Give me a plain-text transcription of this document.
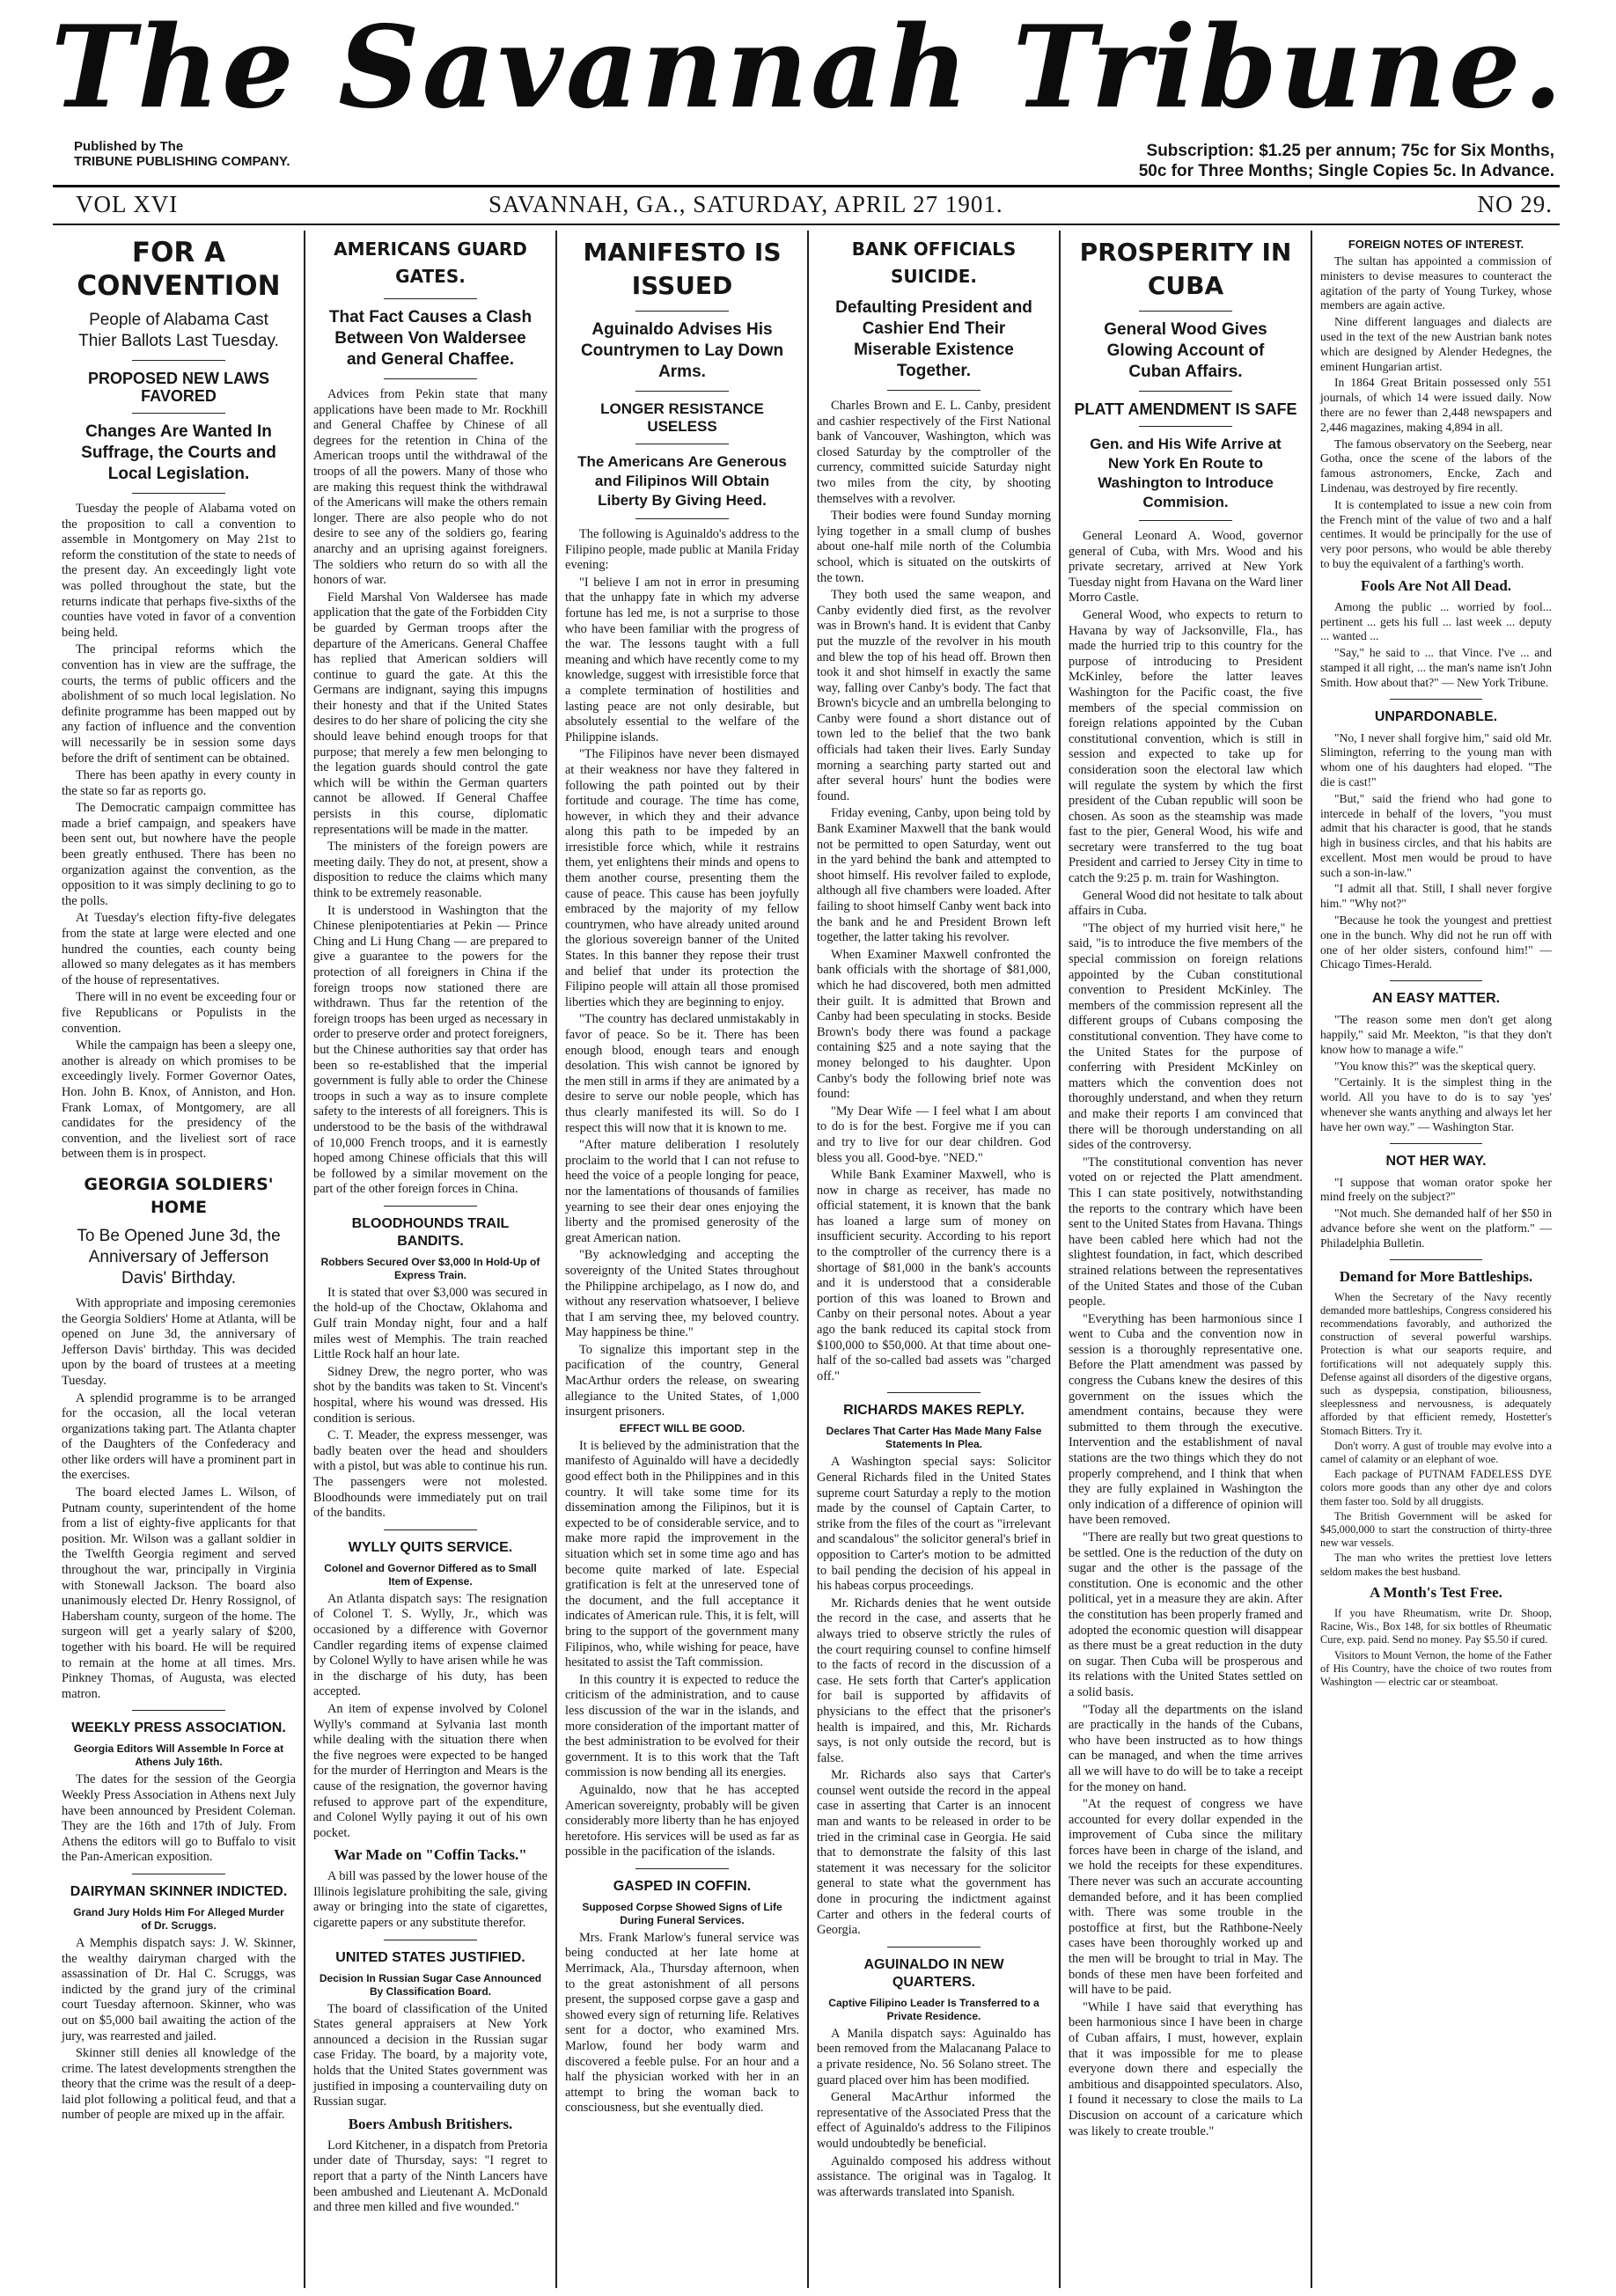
The Savannah Tribune.
Published by The
TRIBUNE PUBLISHING COMPANY.
Subscription: $1.25 per annum; 75c for Six Months,
50c for Three Months; Single Copies 5c. In Advance.
VOL XVI	SAVANNAH, GA., SATURDAY, APRIL 27 1901.	NO 29.
FOR A CONVENTION
People of Alabama Cast Thier Ballots Last Tuesday.
PROPOSED NEW LAWS FAVORED
Changes Are Wanted In Suffrage, the Courts and Local Legislation.

Tuesday the people of Alabama voted on the proposition to call a convention to assemble in Montgomery on May 21st to reform the constitution of the state to needs of the present day. An exceedingly light vote was polled throughout the state, but the returns indicate that perhaps five-sixths of the counties have voted in favor of a convention being held.

The principal reforms which the convention has in view are the suffrage, the courts, the terms of public officers and the abolishment of so much local legislation. No definite programme has been mapped out by any faction of influence and the convention will necessarily be in session some days before the drift of sentiment can be obtained.

There has been apathy in every county in the state so far as reports go.

The Democratic campaign committee has made a brief campaign, and speakers have been sent out, but nowhere have the people been greatly enthused. There has been no organization against the convention, as the opposition to it was simply declining to go to the polls.

At Tuesday's election fifty-five delegates from the state at large were elected and one hundred the counties, each county being allowed so many delegates as it has members of the house of representatives.

There will in no event be exceeding four or five Republicans or Populists in the convention.

While the campaign has been a sleepy one, another is already on which promises to be exceedingly lively. Former Governor Oates, Hon. John B. Knox, of Anniston, and Hon. Frank Lomax, of Montgomery, are all candidates for the presidency of the convention, and the liveliest sort of race between them is in prospect.

GEORGIA SOLDIERS' HOME
To Be Opened June 3d, the Anniversary of Jefferson Davis' Birthday.

With appropriate and imposing ceremonies the Georgia Soldiers' Home at Atlanta, will be opened on June 3d, the anniversary of Jefferson Davis' birthday. This was decided upon by the board of trustees at a meeting Tuesday.

A splendid programme is to be arranged for the occasion, all the local veteran organizations taking part. The Atlanta chapter of the Daughters of the Confederacy and other like orders will have a prominent part in the exercises.

The board elected James L. Wilson, of Putnam county, superintendent of the home from a list of eighty-five applicants for that position. Mr. Wilson was a gallant soldier in the Twelfth Georgia regiment and served throughout the war, principally in Virginia with Stonewall Jackson. The board also unanimously elected Dr. Henry Rossignol, of Habersham county, surgeon of the home. The surgeon will get a yearly salary of $200, together with his board. He will be required to remain at the home at all times. Mrs. Pinkney Thomas, of Augusta, was elected matron.

WEEKLY PRESS ASSOCIATION.
Georgia Editors Will Assemble In Force at Athens July 16th.

The dates for the session of the Georgia Weekly Press Association in Athens next July have been announced by President Coleman. They are the 16th and 17th of July. From Athens the editors will go to Buffalo to visit the Pan-American exposition.

DAIRYMAN SKINNER INDICTED.
Grand Jury Holds Him For Alleged Murder of Dr. Scruggs.

A Memphis dispatch says: J. W. Skinner, the wealthy dairyman charged with the assassination of Dr. Hal C. Scruggs, was indicted by the grand jury of the criminal court Tuesday afternoon. Skinner, who was out on $5,000 bail awaiting the action of the jury, was rearrested and jailed.

Skinner still denies all knowledge of the crime. The latest developments strengthen the theory that the crime was the result of a deep-laid plot following a political feud, and that a number of people are mixed up in the affair.

AMERICANS GUARD GATES.
That Fact Causes a Clash Between Von Waldersee and General Chaffee.

Advices from Pekin state that many applications have been made to Mr. Rockhill and General Chaffee by Chinese of all degrees for the retention in China of the American troops until the withdrawal of the troops of all the powers. Many of those who are making this request think the withdrawal of the Americans will make the others remain longer. There are also people who do not desire to see any of the soldiers go, fearing anarchy and an uprising against foreigners. The soldiers who return do so with all the honors of war.

Field Marshal Von Waldersee has made application that the gate of the Forbidden City be guarded by German troops after the departure of the Americans. General Chaffee has replied that American soldiers will continue to guard the gate. At this the Germans are indignant, saying this impugns their honesty and that if the United States desires to do her share of policing the city she should leave behind enough troops for that purpose; that merely a few men belonging to the legation guards should control the gate which will be within the German quarters cannot be allowed. If General Chaffee persists in this course, diplomatic representations will be made in the matter.

The ministers of the foreign powers are meeting daily. They do not, at present, show a disposition to reduce the claims which many think to be extremely reasonable.

It is understood in Washington that the Chinese plenipotentiaries at Pekin — Prince Ching and Li Hung Chang — are prepared to give a guarantee to the powers for the protection of all foreigners in China if the foreign troops now stationed there are withdrawn. Thus far the retention of the foreign troops has been urged as necessary in order to preserve order and protect foreigners, but the Chinese authorities say that order has been so re-established that the imperial government is fully able to order the Chinese troops in such a way as to insure complete safety to the interests of all foreigners. This is understood to be the basis of the withdrawal of 10,000 French troops, and it is earnestly hoped among Chinese officials that this will be followed by a similar movement on the part of the other foreign forces in China.

BLOODHOUNDS TRAIL BANDITS.
Robbers Secured Over $3,000 In Hold-Up of Express Train.

It is stated that over $3,000 was secured in the hold-up of the Choctaw, Oklahoma and Gulf train Monday night, four and a half miles west of Memphis. The train reached Little Rock half an hour late.

Sidney Drew, the negro porter, who was shot by the bandits was taken to St. Vincent's hospital, where his wound was dressed. His condition is serious.

C. T. Meader, the express messenger, was badly beaten over the head and shoulders with a pistol, but was able to continue his run. The passengers were not molested. Bloodhounds were immediately put on trail of the bandits.

WYLLY QUITS SERVICE.
Colonel and Governor Differed as to Small Item of Expense.

An Atlanta dispatch says: The resignation of Colonel T. S. Wylly, Jr., which was occasioned by a difference with Governor Candler regarding items of expense claimed by Colonel Wylly to have arisen while he was in the discharge of his duty, has been accepted.

An item of expense involved by Colonel Wylly's command at Sylvania last month while dealing with the situation there when the five negroes were expected to be hanged for the murder of Herrington and Mears is the cause of the resignation, the governor having refused to approve part of the expenditure, and Colonel Wylly paying it out of his own pocket.

War Made on "Coffin Tacks."

A bill was passed by the lower house of the Illinois legislature prohibiting the sale, giving away or bringing into the state of cigarettes, cigarette papers or any substitute therefor.

UNITED STATES JUSTIFIED.
Decision In Russian Sugar Case Announced By Classification Board.

The board of classification of the United States general appraisers at New York announced a decision in the Russian sugar case Friday. The board, by a majority vote, holds that the United States government was justified in imposing a countervailing duty on Russian sugar.

Boers Ambush Britishers.

Lord Kitchener, in a dispatch from Pretoria under date of Thursday, says: "I regret to report that a party of the Ninth Lancers have been ambushed and Lieutenant A. McDonald and three men killed and five wounded."

MANIFESTO IS ISSUED
Aguinaldo Advises His Countrymen to Lay Down Arms.
LONGER RESISTANCE USELESS
The Americans Are Generous and Filipinos Will Obtain Liberty By Giving Heed.

The following is Aguinaldo's address to the Filipino people, made public at Manila Friday evening:

"I believe I am not in error in presuming that the unhappy fate in which my adverse fortune has led me, is not a surprise to those who have been familiar with the progress of the war. The lessons taught with a full meaning and which have recently come to my knowledge, suggest with irresistible force that a complete termination of hostilities and lasting peace are not only desirable, but absolutely essential to the welfare of the Philippine islands.

"The Filipinos have never been dismayed at their weakness nor have they faltered in following the path pointed out by their fortitude and courage. The time has come, however, in which they and their advance along this path to be impeded by an irresistible force which, while it restrains them, yet enlightens their minds and opens to them another course, presenting them the cause of peace. This cause has been joyfully embraced by the majority of my fellow countrymen, who have already united around the glorious sovereign banner of the United States. In this banner they repose their trust and belief that under its protection the Filipino people will attain all those promised liberties which they are beginning to enjoy.

"The country has declared unmistakably in favor of peace. So be it. There has been enough blood, enough tears and enough desolation. This wish cannot be ignored by the men still in arms if they are animated by a desire to serve our noble people, which has thus clearly manifested its will. So do I respect this will now that it is known to me.

"After mature deliberation I resolutely proclaim to the world that I can not refuse to heed the voice of a people longing for peace, nor the lamentations of thousands of families yearning to see their dear ones enjoying the liberty and the promised generosity of the great American nation.

"By acknowledging and accepting the sovereignty of the United States throughout the Philippine archipelago, as I now do, and without any reservation whatsoever, I believe that I am serving thee, my beloved country. May happiness be thine."

To signalize this important step in the pacification of the country, General MacArthur orders the release, on swearing allegiance to the United States, of 1,000 insurgent prisoners.

EFFECT WILL BE GOOD.

It is believed by the administration that the manifesto of Aguinaldo will have a decidedly good effect both in the Philippines and in this country. It will take some time for its dissemination among the Filipinos, but it is expected to be of considerable service, and to make more rapid the improvement in the situation which set in some time ago and has become quite marked of late. Especial gratification is felt at the unreserved tone of the document, and the full acceptance it indicates of American rule. This, it is felt, will bring to the support of the government many Filipinos, who, while wishing for peace, have hesitated to assist the Taft commission.

In this country it is expected to reduce the criticism of the administration, and to cause less discussion of the war in the islands, and more consideration of the important matter of the best administration to be evolved for their government. It is to this work that the Taft commission is now bending all its energies.

Aguinaldo, now that he has accepted American sovereignty, probably will be given considerably more liberty than he has enjoyed heretofore. His services will be used as far as possible in the pacification of the islands.

GASPED IN COFFIN.
Supposed Corpse Showed Signs of Life During Funeral Services.

Mrs. Frank Marlow's funeral service was being conducted at her late home at Merrimack, Ala., Thursday afternoon, when to the great astonishment of all persons present, the supposed corpse gave a gasp and showed every sign of returning life. Relatives sent for a doctor, who examined Mrs. Marlow, found her body warm and discovered a feeble pulse. For an hour and a half the physician worked with her in an attempt to bring the woman back to consciousness, but she eventually died.

BANK OFFICIALS SUICIDE.
Defaulting President and Cashier End Their Miserable Existence Together.

Charles Brown and E. L. Canby, president and cashier respectively of the First National bank of Vancouver, Washington, which was closed Saturday by the comptroller of the currency, committed suicide Saturday night two miles from the city, by shooting themselves with a revolver.

Their bodies were found Sunday morning lying together in a small clump of bushes about one-half mile north of the Columbia school, which is situated on the outskirts of the town.

They both used the same weapon, and Canby evidently died first, as the revolver was in Brown's hand. It is evident that Canby put the muzzle of the revolver in his mouth and blew the top of his head off. Brown then took it and shot himself in exactly the same way, falling over Canby's body. The fact that Brown's bicycle and an umbrella belonging to Canby were found a short distance out of town led to the belief that the two bank officials had taken their lives. Early Sunday morning a searching party started out and after several hours' hunt the bodies were found.

Friday evening, Canby, upon being told by Bank Examiner Maxwell that the bank would not be permitted to open Saturday, went out in the yard behind the bank and attempted to shoot himself. His revolver failed to explode, although all five chambers were loaded. After failing to shoot himself Canby went back into the bank and he and President Brown left together, the latter taking his revolver.

When Examiner Maxwell confronted the bank officials with the shortage of $81,000, which he had discovered, both men admitted their guilt. It is admitted that Brown and Canby had been speculating in stocks. Beside Brown's body there was found a package containing $25 and a note saying that the money belonged to his daughter. Upon Canby's body the following brief note was found:

"My Dear Wife — I feel what I am about to do is for the best. Forgive me if you can and try to live for our dear children. God bless you all. Good-bye. "NED."

While Bank Examiner Maxwell, who is now in charge as receiver, has made no official statement, it is known that the bank has loaned a large sum of money on insufficient security. According to his report to the comptroller of the currency there is a shortage of $81,000 in the bank's accounts and it is understood that a considerable portion of this was loaned to Brown and Canby on their personal notes. About a year ago the bank reduced its capital stock from $100,000 to $50,000. At that time about one-half of the so-called bad assets was "charged off."

RICHARDS MAKES REPLY.
Declares That Carter Has Made Many False Statements In Plea.

A Washington special says: Solicitor General Richards filed in the United States supreme court Saturday a reply to the motion made by the counsel of Captain Carter, to strike from the files of the court as "irrelevant and scandalous" the solicitor general's brief in opposition to Carter's motion to be admitted to bail pending the decision of his appeal in his habeas corpus proceedings.

Mr. Richards denies that he went outside the record in the case, and asserts that he always tried to observe strictly the rules of the court requiring counsel to confine himself to the facts of record in the discussion of a case. He sets forth that Carter's application for bail is supported by affidavits of physicians to the effect that the prisoner's health is impaired, and this, Mr. Richards says, is not only outside the record, but is false.

Mr. Richards also says that Carter's counsel went outside the record in the appeal case in asserting that Carter is an innocent man and wants to be released in order to be tried in the criminal case in Georgia. He said that to demonstrate the falsity of this last statement it was necessary for the solicitor general to state what the government has done in procuring the indictment against Carter and others in the federal courts of Georgia.

AGUINALDO IN NEW QUARTERS.
Captive Filipino Leader Is Transferred to a Private Residence.

A Manila dispatch says: Aguinaldo has been removed from the Malacanang Palace to a private residence, No. 56 Solano street. The guard placed over him has been modified.

General MacArthur informed the representative of the Associated Press that the effect of Aguinaldo's address to the Filipinos would undoubtedly be beneficial.

Aguinaldo composed his address without assistance. The original was in Tagalog. It was afterwards translated into Spanish.

PROSPERITY IN CUBA
General Wood Gives Glowing Account of Cuban Affairs.
PLATT AMENDMENT IS SAFE
Gen. and His Wife Arrive at New York En Route to Washington to Introduce Commision.

General Leonard A. Wood, governor general of Cuba, with Mrs. Wood and his private secretary, arrived at New York Tuesday night from Havana on the Ward liner Morro Castle.

General Wood, who expects to return to Havana by way of Jacksonville, Fla., has made the hurried trip to this country for the purpose of introducing to President McKinley, before the latter leaves Washington for the Pacific coast, the five members of the special commission on foreign relations appointed by the Cuban constitutional convention, which is still in session and expected to take up for consideration soon the electoral law which will regulate the system by which the first president of the Cuban republic will soon be chosen. As soon as the steamship was made fast to the pier, General Wood, his wife and secretary were transferred to the tug boat President and carried to Jersey City in time to catch the 9:25 p. m. train for Washington.

General Wood did not hesitate to talk about affairs in Cuba.

"The object of my hurried visit here," he said, "is to introduce the five members of the special commission on foreign relations appointed by the Cuban constitutional convention to President McKinley. The members of the commission represent all the different groups of Cubans composing the constitutional convention. They have come to the United States for the purpose of conferring with President McKinley on matters which the convention does not thoroughly understand, and when they return and make their reports I am convinced that there will be thorough understanding on all sides of the controversy.

"The constitutional convention has never voted on or rejected the Platt amendment. This I can state positively, notwithstanding the reports to the contrary which have been sent to the United States from Havana. Things have been cabled here which had not the slightest foundation, in fact, which described strained relations between the representatives of the United States and those of the Cuban people.

"Everything has been harmonious since I went to Cuba and the convention now in session is a thoroughly representative one. Before the Platt amendment was passed by congress the Cubans knew the desires of this government on the issues which the amendment contains, because they were submitted to them through the executive. Intervention and the establishment of naval stations are the two things which they do not properly comprehend, and I think that when they are fully explained in Washington the only indication of a difference of opinion will have been removed.

"There are really but two great questions to be settled. One is the reduction of the duty on sugar and the other is the passage of the constitution. One is economic and the other political, yet in a measure they are akin. After the constitution has been properly framed and adopted the economic question will disappear as there must be a great reduction in the duty on sugar. Then Cuba will be prosperous and its relations with the United States settled on a solid basis.

"Today all the departments on the island are practically in the hands of the Cubans, who have been instructed as to how things can be managed, and when the time arrives all we will have to do will be to take a receipt for the money on hand.

"At the request of congress we have accounted for every dollar expended in the improvement of Cuba since the military forces have been in charge of the island, and we hold the receipts for these expenditures. There never was such an accurate accounting demanded before, and it has been complied with. There was some trouble in the postoffice at first, but the Rathbone-Neely cases have been thoroughly worked up and the men will be brought to trial in May. The bonds of these men have been forfeited and will have to be paid.

"While I have said that everything has been harmonious since I have been in charge of Cuban affairs, I must, however, explain that it was impossible for me to please everyone down there and especially the ambitious and disappointed speculators. Also, I found it necessary to close the mails to La Discusion on account of a caricature which was likely to create trouble."

FOREIGN NOTES OF INTEREST.

The sultan has appointed a commission of ministers to devise measures to counteract the agitation of the party of Young Turkey, whose members are again active.

Nine different languages and dialects are used in the text of the new Austrian bank notes which are designed by Alender Hedegnes, the eminent Hungarian artist.

In 1864 Great Britain possessed only 551 journals, of which 14 were issued daily. Now there are no fewer than 2,448 newspapers and 2,446 magazines, making 4,894 in all.

The famous observatory on the Seeberg, near Gotha, once the scene of the labors of the famous astronomers, Encke, Zach and Lindenau, was destroyed by fire recently.

It is contemplated to issue a new coin from the French mint of the value of two and a half centimes. It would be principally for the use of very poor persons, who would be able thereby to buy the equivalent of a farthing's worth.

Fools Are Not All Dead.

Among the public ... worried by fool... pertinent ... gets his full ... last week ... deputy ... wanted ...

"Say," he said to ... that Vince. I've ... and stamped it all right, ... the man's name isn't John Smith. How about that?" — New York Tribune.

UNPARDONABLE.

"No, I never shall forgive him," said old Mr. Slimington, referring to the young man with whom one of his daughters had eloped. "The die is cast!"

"But," said the friend who had gone to intercede in behalf of the lovers, "you must admit that his character is good, that he stands high in business circles, and that his habits are excellent. Most men would be proud to have such a son-in-law."

"I admit all that. Still, I shall never forgive him." "Why not?"

"Because he took the youngest and prettiest one in the bunch. Why did not he run off with one of her older sisters, confound him!" — Chicago Times-Herald.

AN EASY MATTER.

"The reason some men don't get along happily," said Mr. Meekton, "is that they don't know how to manage a wife."

"You know this?" was the skeptical query.

"Certainly. It is the simplest thing in the world. All you have to do is to say 'yes' whenever she wants anything and always let her have her own way." — Washington Star.

NOT HER WAY.

"I suppose that woman orator spoke her mind freely on the subject?"

"Not much. She demanded half of her $50 in advance before she went on the platform." — Philadelphia Bulletin.

Demand for More Battleships.

When the Secretary of the Navy recently demanded more battleships, Congress considered his recommendations favorably, and authorized the construction of several powerful warships. Protection is what our seaports require, and fortifications will not adequately supply this. Defense against all disorders of the digestive organs, such as dyspepsia, constipation, biliousness, sleeplessness and nervousness, is adequately afforded by that efficient remedy, Hostetter's Stomach Bitters. Try it.

Don't worry. A gust of trouble may evolve into a camel of calamity or an elephant of woe.

Each package of PUTNAM FADELESS DYE colors more goods than any other dye and colors them faster too. Sold by all druggists.

The British Government will be asked for $45,000,000 to start the construction of thirty-three new war vessels.

The man who writes the prettiest love letters seldom makes the best husband.

A Month's Test Free.

If you have Rheumatism, write Dr. Shoop, Racine, Wis., Box 148, for six bottles of Rheumatic Cure, exp. paid. Send no money. Pay $5.50 if cured.

Visitors to Mount Vernon, the home of the Father of His Country, have the choice of two routes from Washington — electric car or steamboat.
